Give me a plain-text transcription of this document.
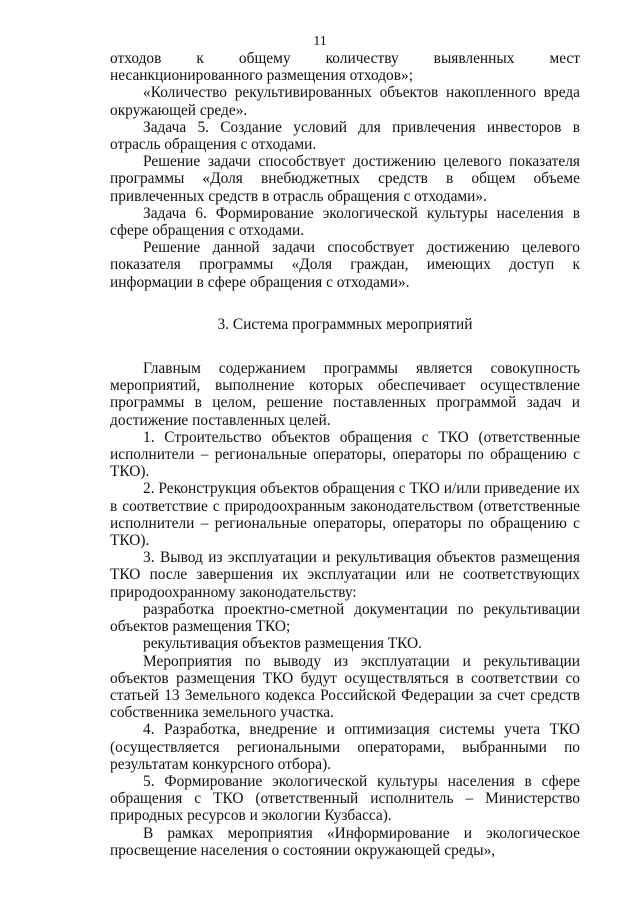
11

отходов к общему количеству выявленных мест несанкционированного размещения отходов»;

«Количество рекультивированных объектов накопленного вреда окружающей среде».

Задача 5. Создание условий для привлечения инвесторов в отрасль обращения с отходами.

Решение задачи способствует достижению целевого показателя программы «Доля внебюджетных средств в общем объеме привлеченных средств в отрасль обращения с отходами».

Задача 6. Формирование экологической культуры населения в сфере обращения с отходами.

Решение данной задачи способствует достижению целевого показателя программы «Доля граждан, имеющих доступ к информации в сфере обращения с отходами».

3. Система программных мероприятий

Главным содержанием программы является совокупность мероприятий, выполнение которых обеспечивает осуществление программы в целом, решение поставленных программой задач и достижение поставленных целей.

1. Строительство объектов обращения с ТКО (ответственные исполнители – региональные операторы, операторы по обращению с ТКО).

2. Реконструкция объектов обращения с ТКО и/или приведение их в соответствие с природоохранным законодательством (ответственные исполнители – региональные операторы, операторы по обращению с ТКО).

3. Вывод из эксплуатации и рекультивация объектов размещения ТКО после завершения их эксплуатации или не соответствующих природоохранному законодательству:

разработка проектно-сметной документации по рекультивации объектов размещения ТКО;

рекультивация объектов размещения ТКО.

Мероприятия по выводу из эксплуатации и рекультивации объектов размещения ТКО будут осуществляться в соответствии со статьей 13 Земельного кодекса Российской Федерации за счет средств собственника земельного участка.

4. Разработка, внедрение и оптимизация системы учета ТКО (осуществляется региональными операторами, выбранными по результатам конкурсного отбора).

5. Формирование экологической культуры населения в сфере обращения с ТКО (ответственный исполнитель – Министерство природных ресурсов и экологии Кузбасса).

В рамках мероприятия «Информирование и экологическое просвещение населения о состоянии окружающей среды»,
